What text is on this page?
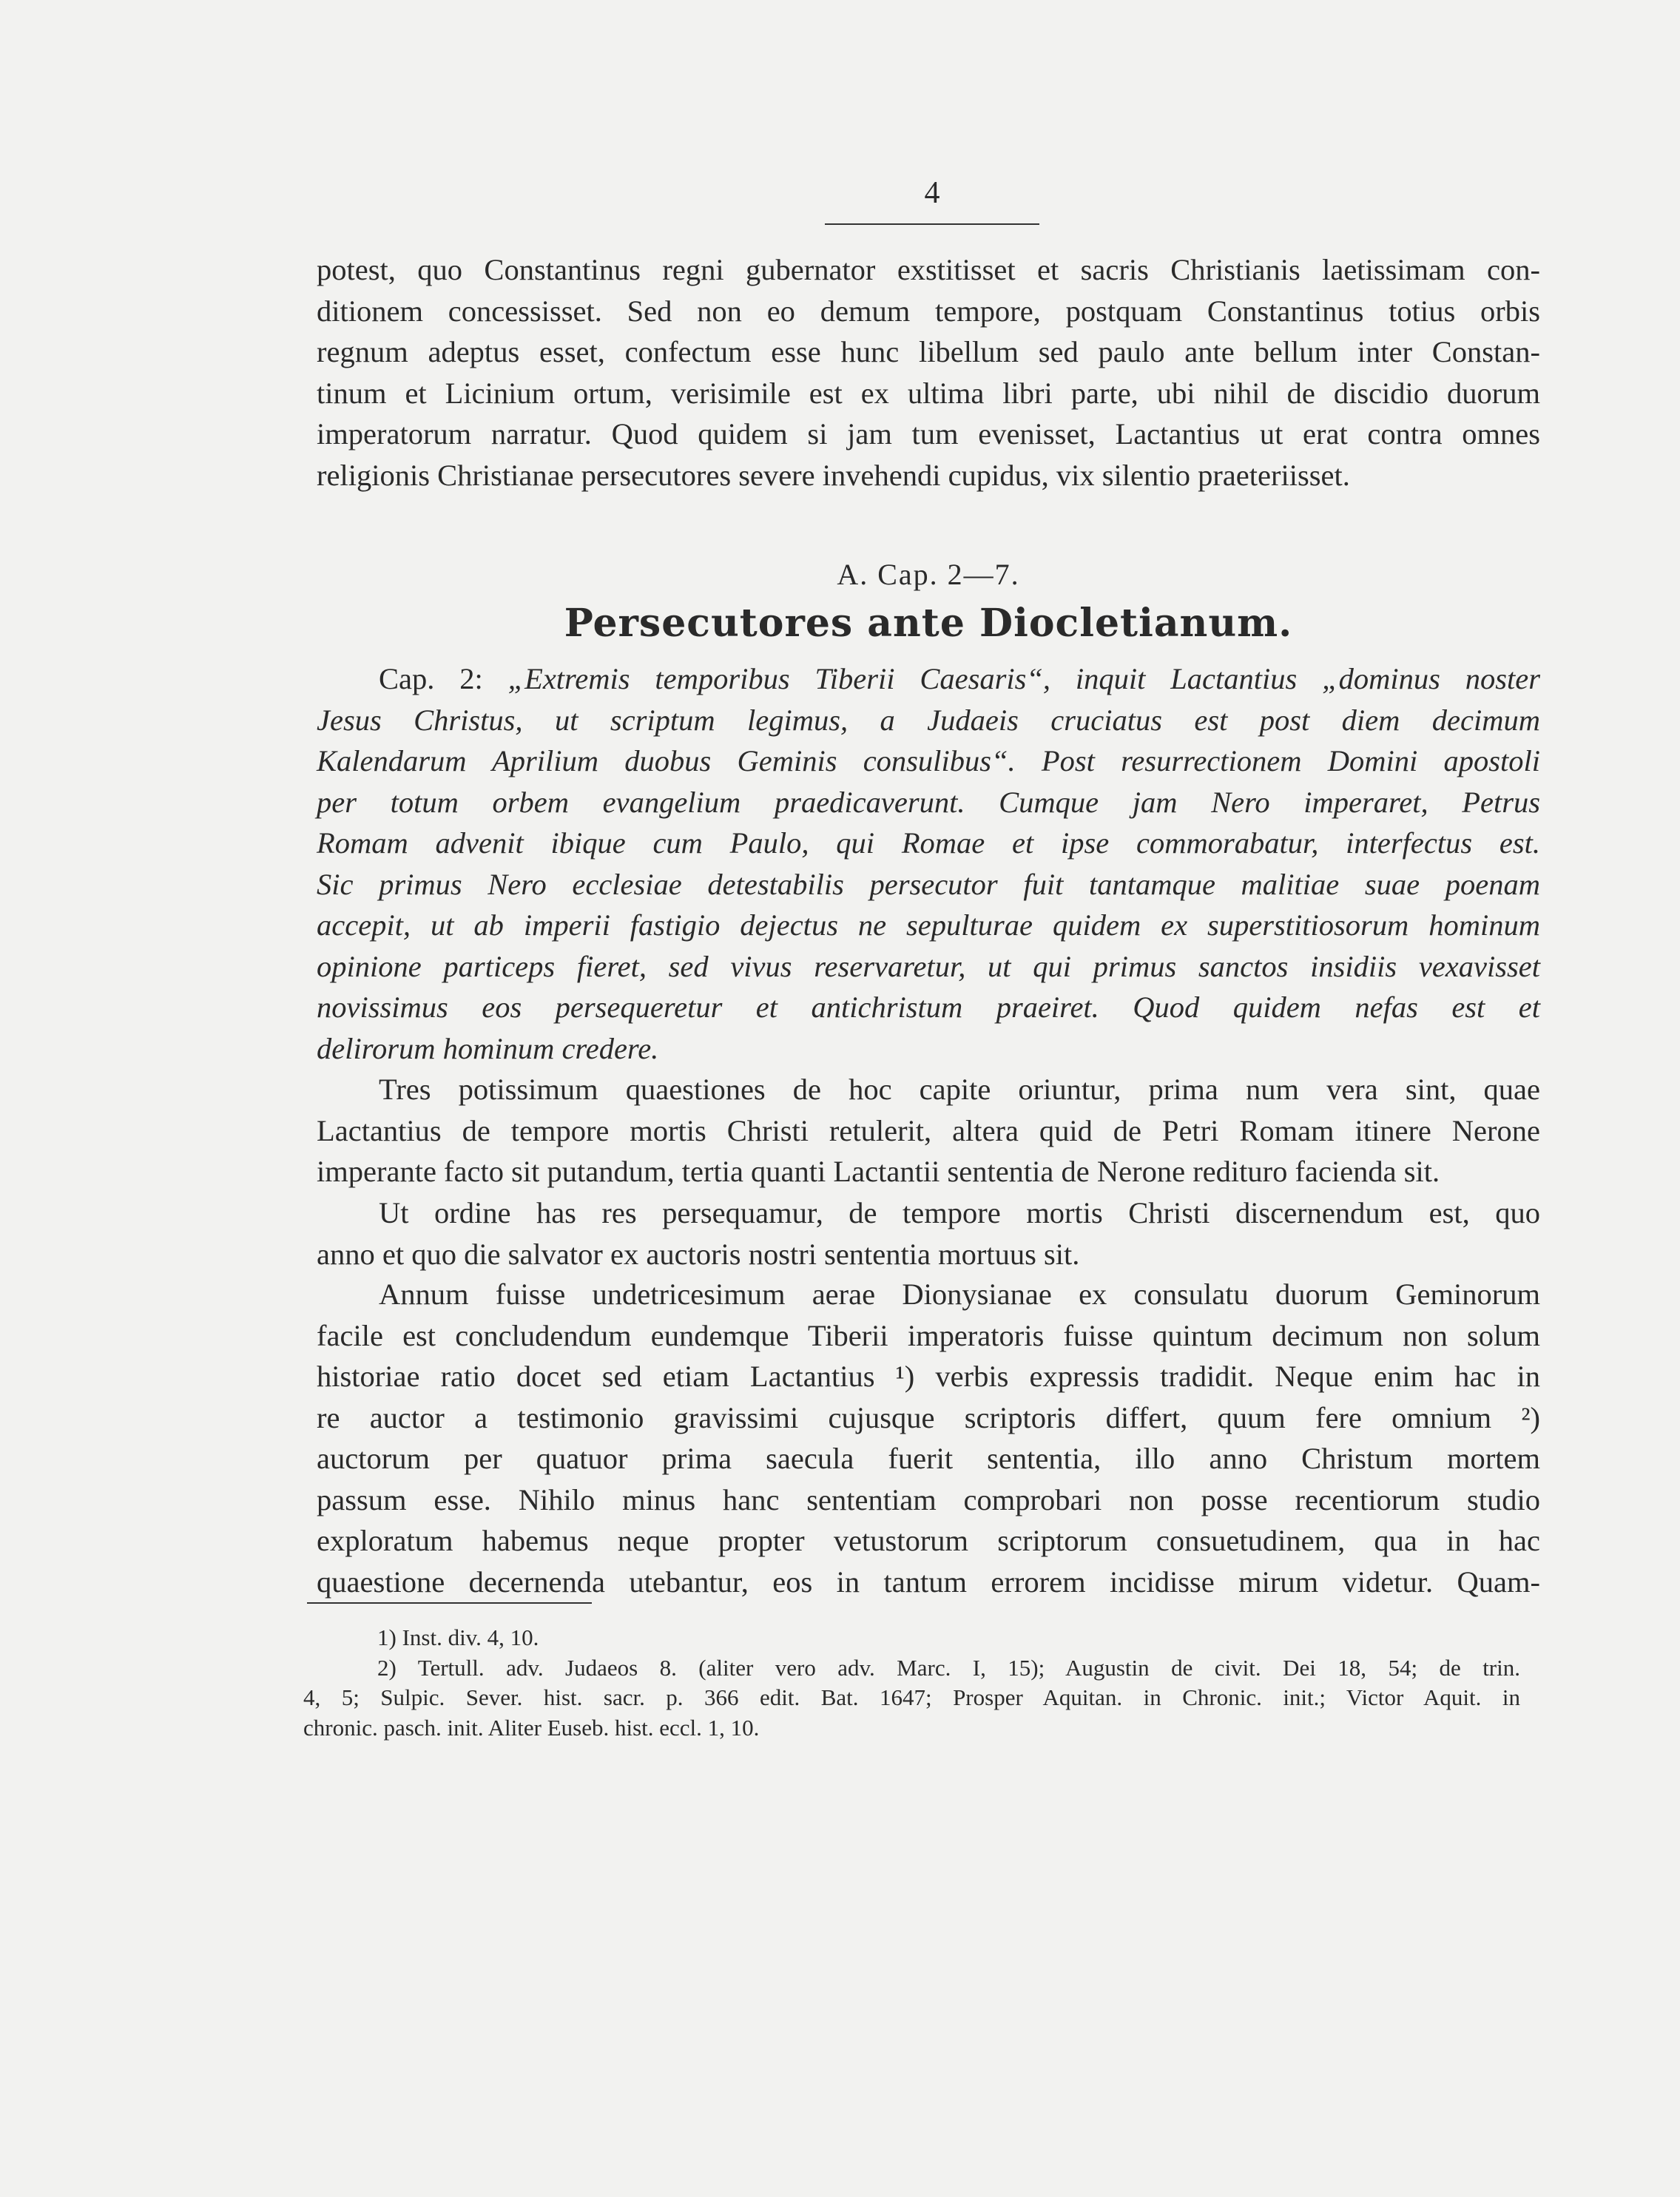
4
potest, quo Constantinus regni gubernator exstitisset et sacris Christianis laetissimam con-
ditionem concessisset. Sed non eo demum tempore, postquam Constantinus totius orbis
regnum adeptus esset, confectum esse hunc libellum sed paulo ante bellum inter Constan-
tinum et Licinium ortum, verisimile est ex ultima libri parte, ubi nihil de discidio duorum
imperatorum narratur. Quod quidem si jam tum evenisset, Lactantius ut erat contra omnes
religionis Christianae persecutores severe invehendi cupidus, vix silentio praeteriisset.
A. Cap. 2—7.
Persecutores ante Diocletianum.
Cap. 2: „Extremis temporibus Tiberii Caesaris“, inquit Lactantius „dominus noster
Jesus Christus, ut scriptum legimus, a Judaeis cruciatus est post diem decimum
Kalendarum Aprilium duobus Geminis consulibus“. Post resurrectionem Domini apostoli
per totum orbem evangelium praedicaverunt. Cumque jam Nero imperaret, Petrus
Romam advenit ibique cum Paulo, qui Romae et ipse commorabatur, interfectus est.
Sic primus Nero ecclesiae detestabilis persecutor fuit tantamque malitiae suae poenam
accepit, ut ab imperii fastigio dejectus ne sepulturae quidem ex superstitiosorum hominum
opinione particeps fieret, sed vivus reservaretur, ut qui primus sanctos insidiis vexavisset
novissimus eos persequeretur et antichristum praeiret. Quod quidem nefas est et
delirorum hominum credere.
Tres potissimum quaestiones de hoc capite oriuntur, prima num vera sint, quae
Lactantius de tempore mortis Christi retulerit, altera quid de Petri Romam itinere Nerone
imperante facto sit putandum, tertia quanti Lactantii sententia de Nerone redituro facienda sit.
Ut ordine has res persequamur, de tempore mortis Christi discernendum est, quo
anno et quo die salvator ex auctoris nostri sententia mortuus sit.
Annum fuisse undetricesimum aerae Dionysianae ex consulatu duorum Geminorum
facile est concludendum eundemque Tiberii imperatoris fuisse quintum decimum non solum
historiae ratio docet sed etiam Lactantius ¹) verbis expressis tradidit. Neque enim hac in
re auctor a testimonio gravissimi cujusque scriptoris differt, quum fere omnium ²)
auctorum per quatuor prima saecula fuerit sententia, illo anno Christum mortem
passum esse. Nihilo minus hanc sententiam comprobari non posse recentiorum studio
exploratum habemus neque propter vetustorum scriptorum consuetudinem, qua in hac
quaestione decernenda utebantur, eos in tantum errorem incidisse mirum videtur. Quam-
1) Inst. div. 4, 10.
2) Tertull. adv. Judaeos 8. (aliter vero adv. Marc. I, 15); Augustin de civit. Dei 18, 54; de trin.
4, 5; Sulpic. Sever. hist. sacr. p. 366 edit. Bat. 1647; Prosper Aquitan. in Chronic. init.; Victor Aquit. in
chronic. pasch. init. Aliter Euseb. hist. eccl. 1, 10.
